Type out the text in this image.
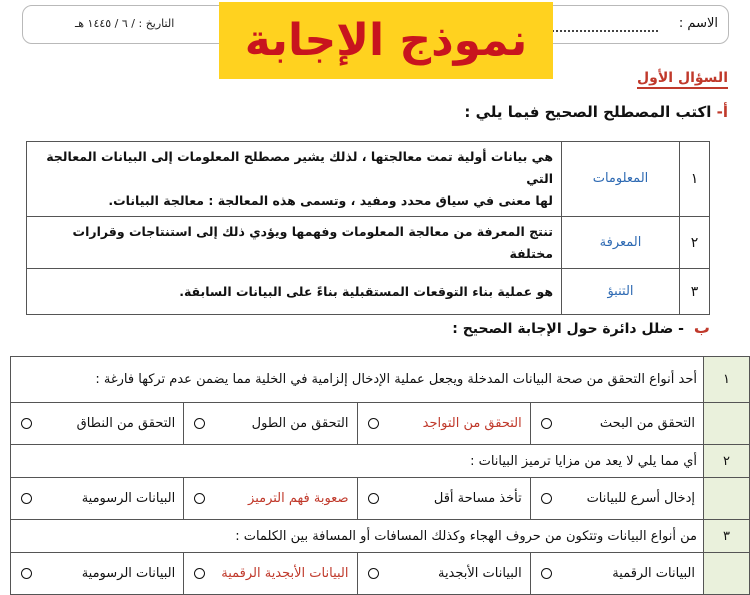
الاسم :
التاريخ : / ٦ / ١٤٤٥ هـ نموذج الإجابة
السؤال الأول
أ- اكتب المصطلح الصحيح فيما يلي :
١	المعلومات	هي بيانات أولية تمت معالجتها ، لذلك يشير مصطلح المعلومات إلى البيانات المعالجة التي
لها معنى في سياق محدد ومفيد ، وتسمى هذه المعالجة : معالجة البيانات.

٢	المعرفة	تنتج المعرفة من معالجة المعلومات وفهمها ويؤدي ذلك إلى استنتاجات وقرارات مختلفة

٣	التنبؤ	هو عملية بناء التوقعات المستقبلية بناءً على البيانات السابقة.
ب- ضلل دائرة حول الإجابة الصحيح :
١	أحد أنواع التحقق من صحة البيانات المدخلة ويجعل عملية الإدخال إلزامية في الخلية مما يضمن عدم تركها فارغة :			

	التحقق من البحث	التحقق من التواجد	التحقق من الطول	التحقق من النطاق

٢	أي مما يلي لا يعد من مزايا ترميز البيانات :			

	إدخال أسرع للبيانات	تأخذ مساحة أقل	صعوبة فهم الترميز	البيانات الرسومية

٣	من أنواع البيانات وتتكون من حروف الهجاء وكذلك المسافات أو المسافة بين الكلمات :			

	البيانات الرقمية	البيانات الأبجدية	البيانات الأبجدية الرقمية	البيانات الرسومية
